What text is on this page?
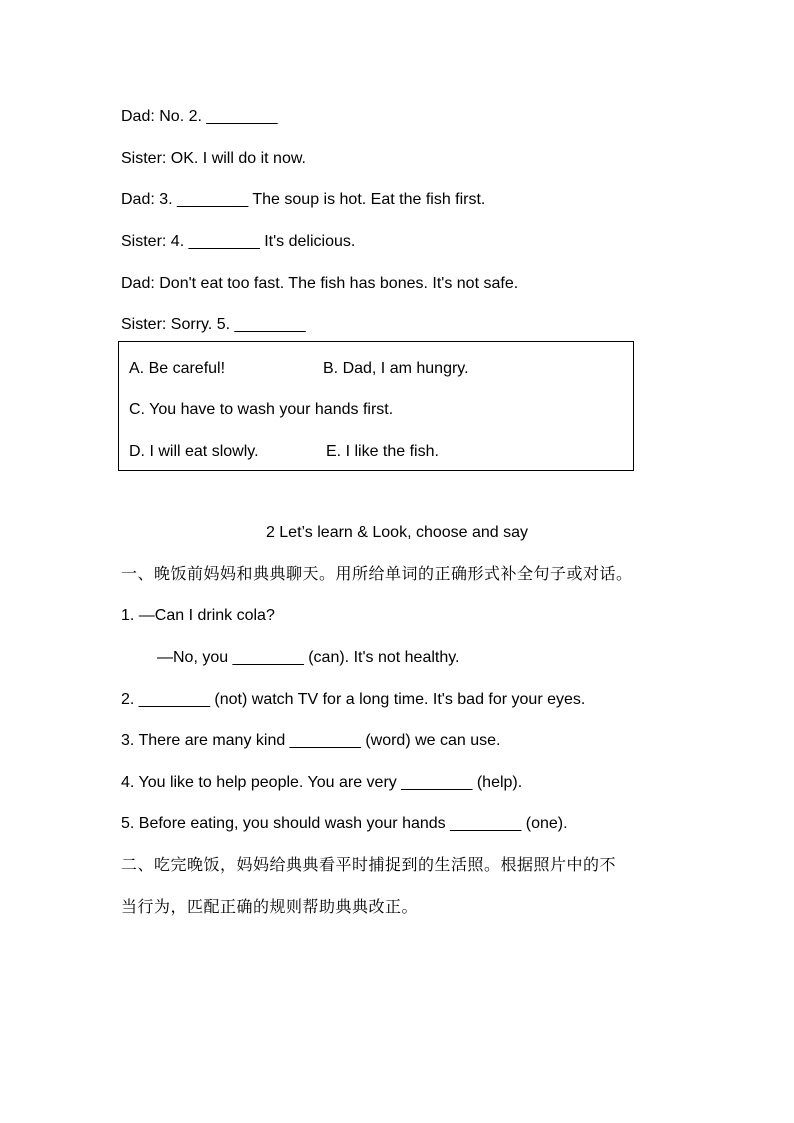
Dad: No. 2. ________
Sister: OK. I will do it now.
Dad: 3. ________ The soup is hot. Eat the fish first.
Sister: 4. ________ It's delicious.
Dad: Don't eat too fast. The fish has bones. It's not safe.
Sister: Sorry. 5. ________
A. Be careful!	B. Dad, I am hungry.
C. You have to wash your hands first.
D. I will eat slowly.	E. I like the fish.
2 Let’s learn & Look, choose and say
一、晚饭前妈妈和典典聊天。用所给单词的正确形式补全句子或对话。
1. —Can I drink cola?
—No, you ________ (can). It's not healthy.
2. ________ (not) watch TV for a long time. It's bad for your eyes.
3. There are many kind ________ (word) we can use.
4. You like to help people. You are very ________ (help).
5. Before eating, you should wash your hands ________ (one).
二、吃完晚饭，妈妈给典典看平时捕捉到的生活照。根据照片中的不
当行为，匹配正确的规则帮助典典改正。
